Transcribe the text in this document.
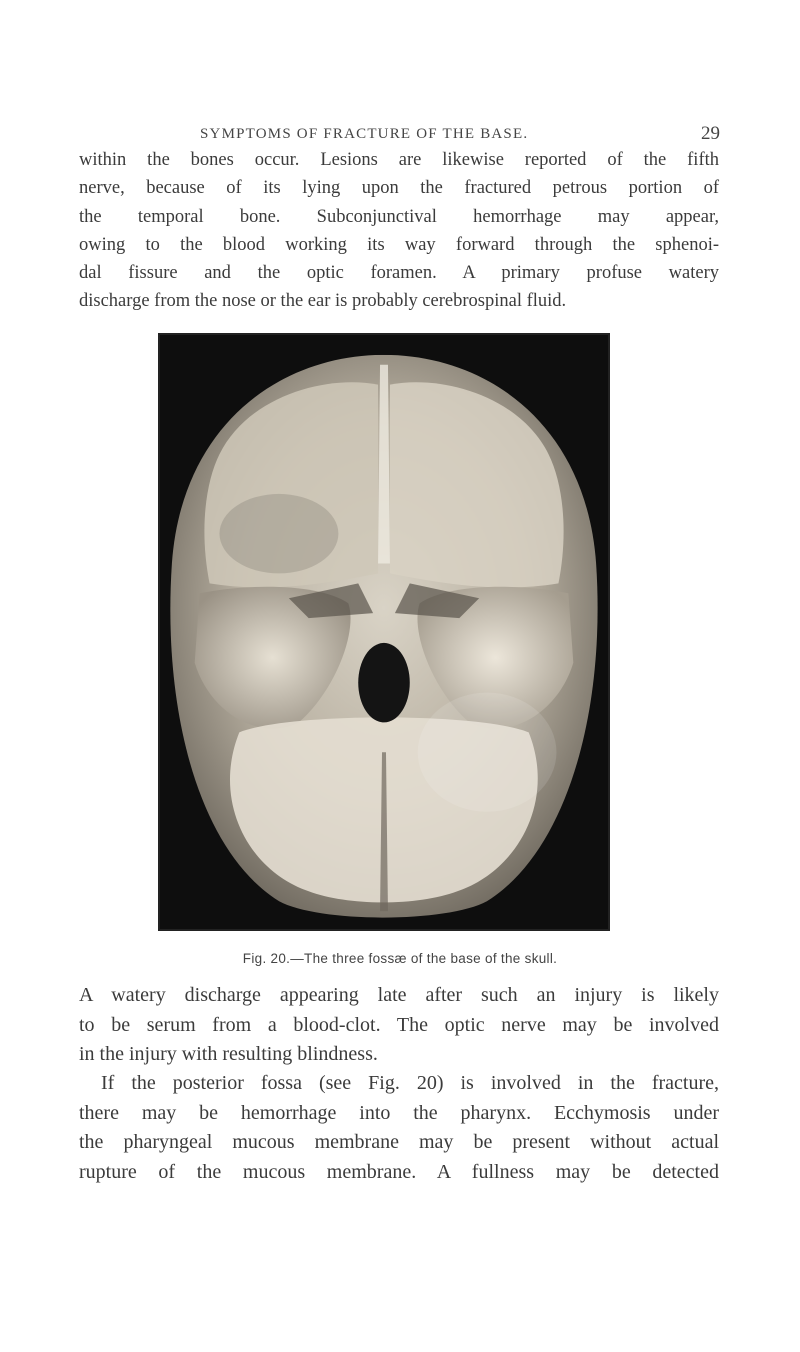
SYMPTOMS OF FRACTURE OF THE BASE.	29
within the bones occur. Lesions are likewise reported of the fifth
nerve, because of its lying upon the fractured petrous portion of
the temporal bone. Subconjunctival hemorrhage may appear,
owing to the blood working its way forward through the sphenoi-
dal fissure and the optic foramen. A primary profuse watery
discharge from the nose or the ear is probably cerebrospinal fluid.
Fig. 20.—The three fossæ of the base of the skull.
A watery discharge appearing late after such an injury is likely
to be serum from a blood-clot. The optic nerve may be involved
in the injury with resulting blindness.
If the posterior fossa (see Fig. 20) is involved in the fracture,
there may be hemorrhage into the pharynx. Ecchymosis under
the pharyngeal mucous membrane may be present without actual
rupture of the mucous membrane. A fullness may be detected
